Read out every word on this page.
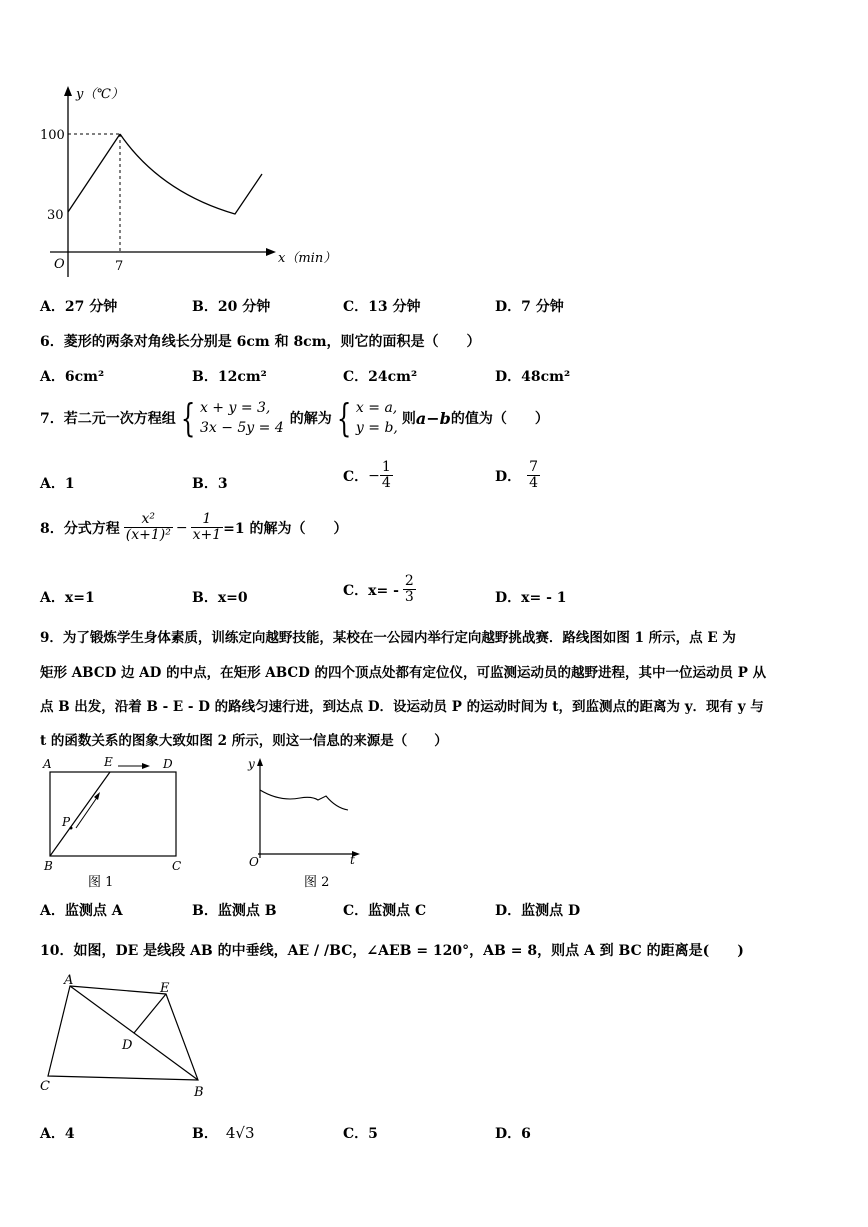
y（℃）
x（min）
O
100
30
7
A．27 分钟	B．20 分钟	C．13 分钟	D．7 分钟
6．菱形的两条对角线长分别是 6cm 和 8cm，则它的面积是（　　）
A．6cm²	B．12cm²	C．24cm²	D．48cm²
7．若二元一次方程组 { x + y = 3,
3x − 5y = 4
的解为 { x = a,
y = b,
则 a−b 的值为（　　）
A．1	B．3	C． − $\frac{1}{4}$	D． $\frac{7}{4}$
8．分式方程 $\frac{\text{x²}}{\text{(x+1)²}} - \frac{1}{x+1} =1$ 的解为（　　）
A．x=1	B．x=0	C．$x= - \frac{2}{3}$	D．x= - 1
9．为了锻炼学生身体素质，训练定向越野技能，某校在一公园内举行定向越野挑战赛．路线图如图 1 所示，点 E 为
矩形 ABCD 边 AD 的中点，在矩形 ABCD 的四个顶点处都有定位仪，可监测运动员的越野进程，其中一位运动员 P 从
点 B 出发，沿着 B - E - D 的路线匀速行进，到达点 D．设运动员 P 的运动时间为 t，到监测点的距离为 y．现有 y 与
t 的函数关系的图象大致如图 2 所示，则这一信息的来源是（　　）
A	E	D
P
B	C
图 1
y
t
O
图 2
A．监测点 A	B．监测点 B	C．监测点 C	D．监测点 D
10．如图，DE 是线段 AB 的中垂线，AE / /BC，∠AEB = 120°，AB = 8，则点 A 到 BC 的距离是(　　)
A
E
D
C	B
A．4	B． 4√3	C．5	D．6
